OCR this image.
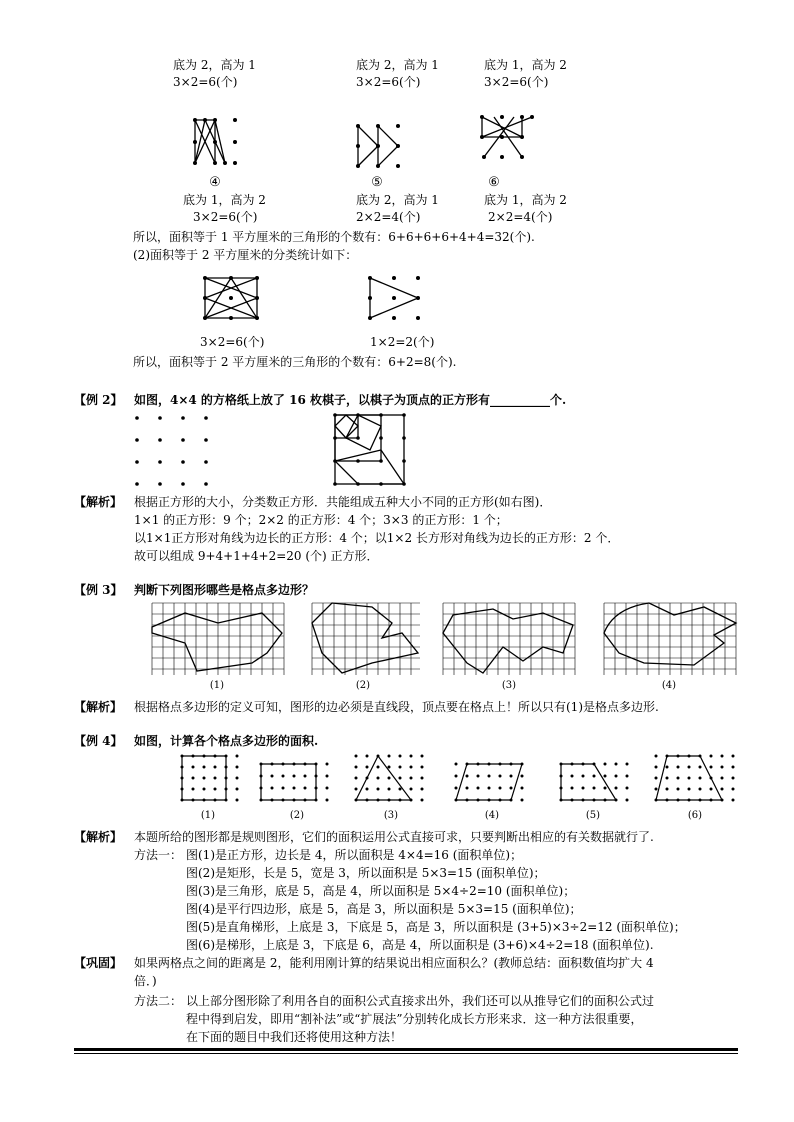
底为 2，高为 1
3×2=6(个)
底为 2，高为 1
3×2=6(个)
底为 1，高为 2
3×2=6(个)
④
底为 1，高为 2
3×2=6(个)
⑤
底为 2，高为 1
2×2=4(个)
⑥
底为 1，高为 2
2×2=4(个)
所以，面积等于 1 平方厘米的三角形的个数有：6+6+6+6+4+4=32(个).
(2)面积等于 2 平方厘米的分类统计如下：
3×2=6(个)	1×2=2(个)
所以，面积等于 2 平方厘米的三角形的个数有：6+2=8(个).
【例 2】 如图，4×4 的方格纸上放了 16 枚棋子，以棋子为顶点的正方形有__________个.
【解析】 根据正方形的大小，分类数正方形．共能组成五种大小不同的正方形(如右图)．
1×1 的正方形：9 个；2×2 的正方形：4 个；3×3 的正方形：1 个；
以1×1正方形对角线为边长的正方形：4 个；以1×2 长方形对角线为边长的正方形：2 个．
故可以组成 9+4+1+4+2=20 (个) 正方形．
【例 3】 判断下列图形哪些是格点多边形？
(1)	(2)	(3)	(4)
【解析】 根据格点多边形的定义可知，图形的边必须是直线段，顶点要在格点上！所以只有(1)是格点多边形.
【例 4】 如图，计算各个格点多边形的面积.
(1)	(2)	(3)	(4)	(5)	(6)
【解析】 本题所给的图形都是规则图形，它们的面积运用公式直接可求，只要判断出相应的有关数据就行了.
方法一： 图(1)是正方形，边长是 4，所以面积是 4×4=16 (面积单位)；
图(2)是矩形，长是 5，宽是 3，所以面积是 5×3=15 (面积单位)；
图(3)是三角形，底是 5，高是 4，所以面积是 5×4÷2=10 (面积单位)；
图(4)是平行四边形，底是 5，高是 3，所以面积是 5×3=15 (面积单位)；
图(5)是直角梯形，上底是 3，下底是 5，高是 3，所以面积是 (3+5)×3÷2=12 (面积单位)；
图(6)是梯形，上底是 3，下底是 6，高是 4，所以面积是 (3+6)×4÷2=18 (面积单位).
【巩固】 如果两格点之间的距离是 2，能利用刚计算的结果说出相应面积么？(教师总结：面积数值均扩大 4
倍．)
方法二： 以上部分图形除了利用各自的面积公式直接求出外，我们还可以从推导它们的面积公式过
程中得到启发，即用“割补法”或“扩展法”分别转化成长方形来求．这一种方法很重要，
在下面的题目中我们还将使用这种方法！
